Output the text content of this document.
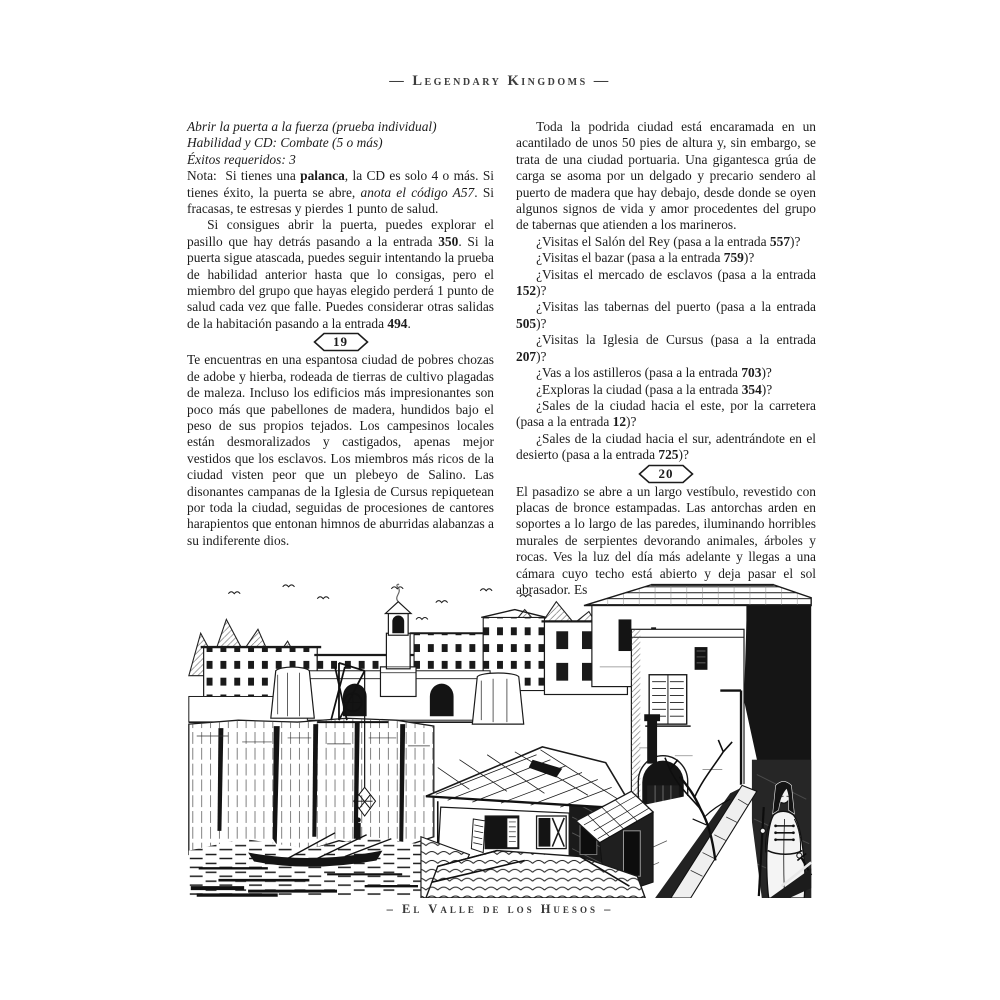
— Legendary Kingdoms —

Abrir la puerta a la fuerza (prueba individual)

Habilidad y CD: Combate (5 o más)

Éxitos requeridos: 3

Nota:  Si tienes una palanca, la CD es solo 4 o más. Si tienes éxito, la puerta se abre, anota el código A57. Si fracasas, te estresas y pierdes 1 punto de salud.

Si consigues abrir la puerta, puedes explorar el pasillo que hay detrás pasando a la entrada 350. Si la puerta sigue atascada, puedes seguir intentando la prueba de habilidad anterior hasta que lo consigas, pero el miembro del grupo que hayas elegido perderá 1 punto de salud cada vez que falle. Puedes considerar otras salidas de la habitación pasando a la entrada 494.

19

Te encuentras en una espantosa ciudad de pobres chozas de adobe y hierba, rodeada de tierras de cultivo plagadas de maleza. Incluso los edificios más impresionantes son poco más que pabellones de madera, hundidos bajo el peso de sus propios tejados. Los campesinos locales están desmoralizados y castigados, apenas mejor vestidos que los esclavos. Los miembros más ricos de la ciudad visten peor que un plebeyo de Salino. Las disonantes campanas de la Iglesia de Cursus repiquetean por toda la ciudad, seguidas de procesiones de cantores harapientos que entonan himnos de aburridas alabanzas a su indiferente dios.

Toda la podrida ciudad está encaramada en un acantilado de unos 50 pies de altura y, sin embargo, se trata de una ciudad portuaria. Una gigantesca grúa de carga se asoma por un delgado y precario sendero al puerto de madera que hay debajo, desde donde se oyen algunos signos de vida y amor procedentes del grupo de tabernas que atienden a los marineros.

¿Visitas el Salón del Rey (pasa a la entrada 557)?

¿Visitas el bazar (pasa a la entrada 759)?

¿Visitas el mercado de esclavos (pasa a la entrada 152)?

¿Visitas las tabernas del puerto (pasa a la entrada 505)?

¿Visitas la Iglesia de Cursus (pasa a la entrada 207)?

¿Vas a los astilleros (pasa a la entrada 703)?

¿Exploras la ciudad (pasa a la entrada 354)?

¿Sales de la ciudad hacia el este, por la carretera (pasa a la entrada 12)?

¿Sales de la ciudad hacia el sur, adentrándote en el desierto (pasa a la entrada 725)?

20

El pasadizo se abre a un largo vestíbulo, revestido con placas de bronce estampadas. Las antorchas arden en soportes a lo largo de las paredes, iluminando horribles murales de serpientes devorando animales, árboles y rocas. Ves la luz del día más adelante y llegas a una cámara cuyo techo está abierto y deja pasar el sol abrasador. Es

– El Valle de los Huesos –
